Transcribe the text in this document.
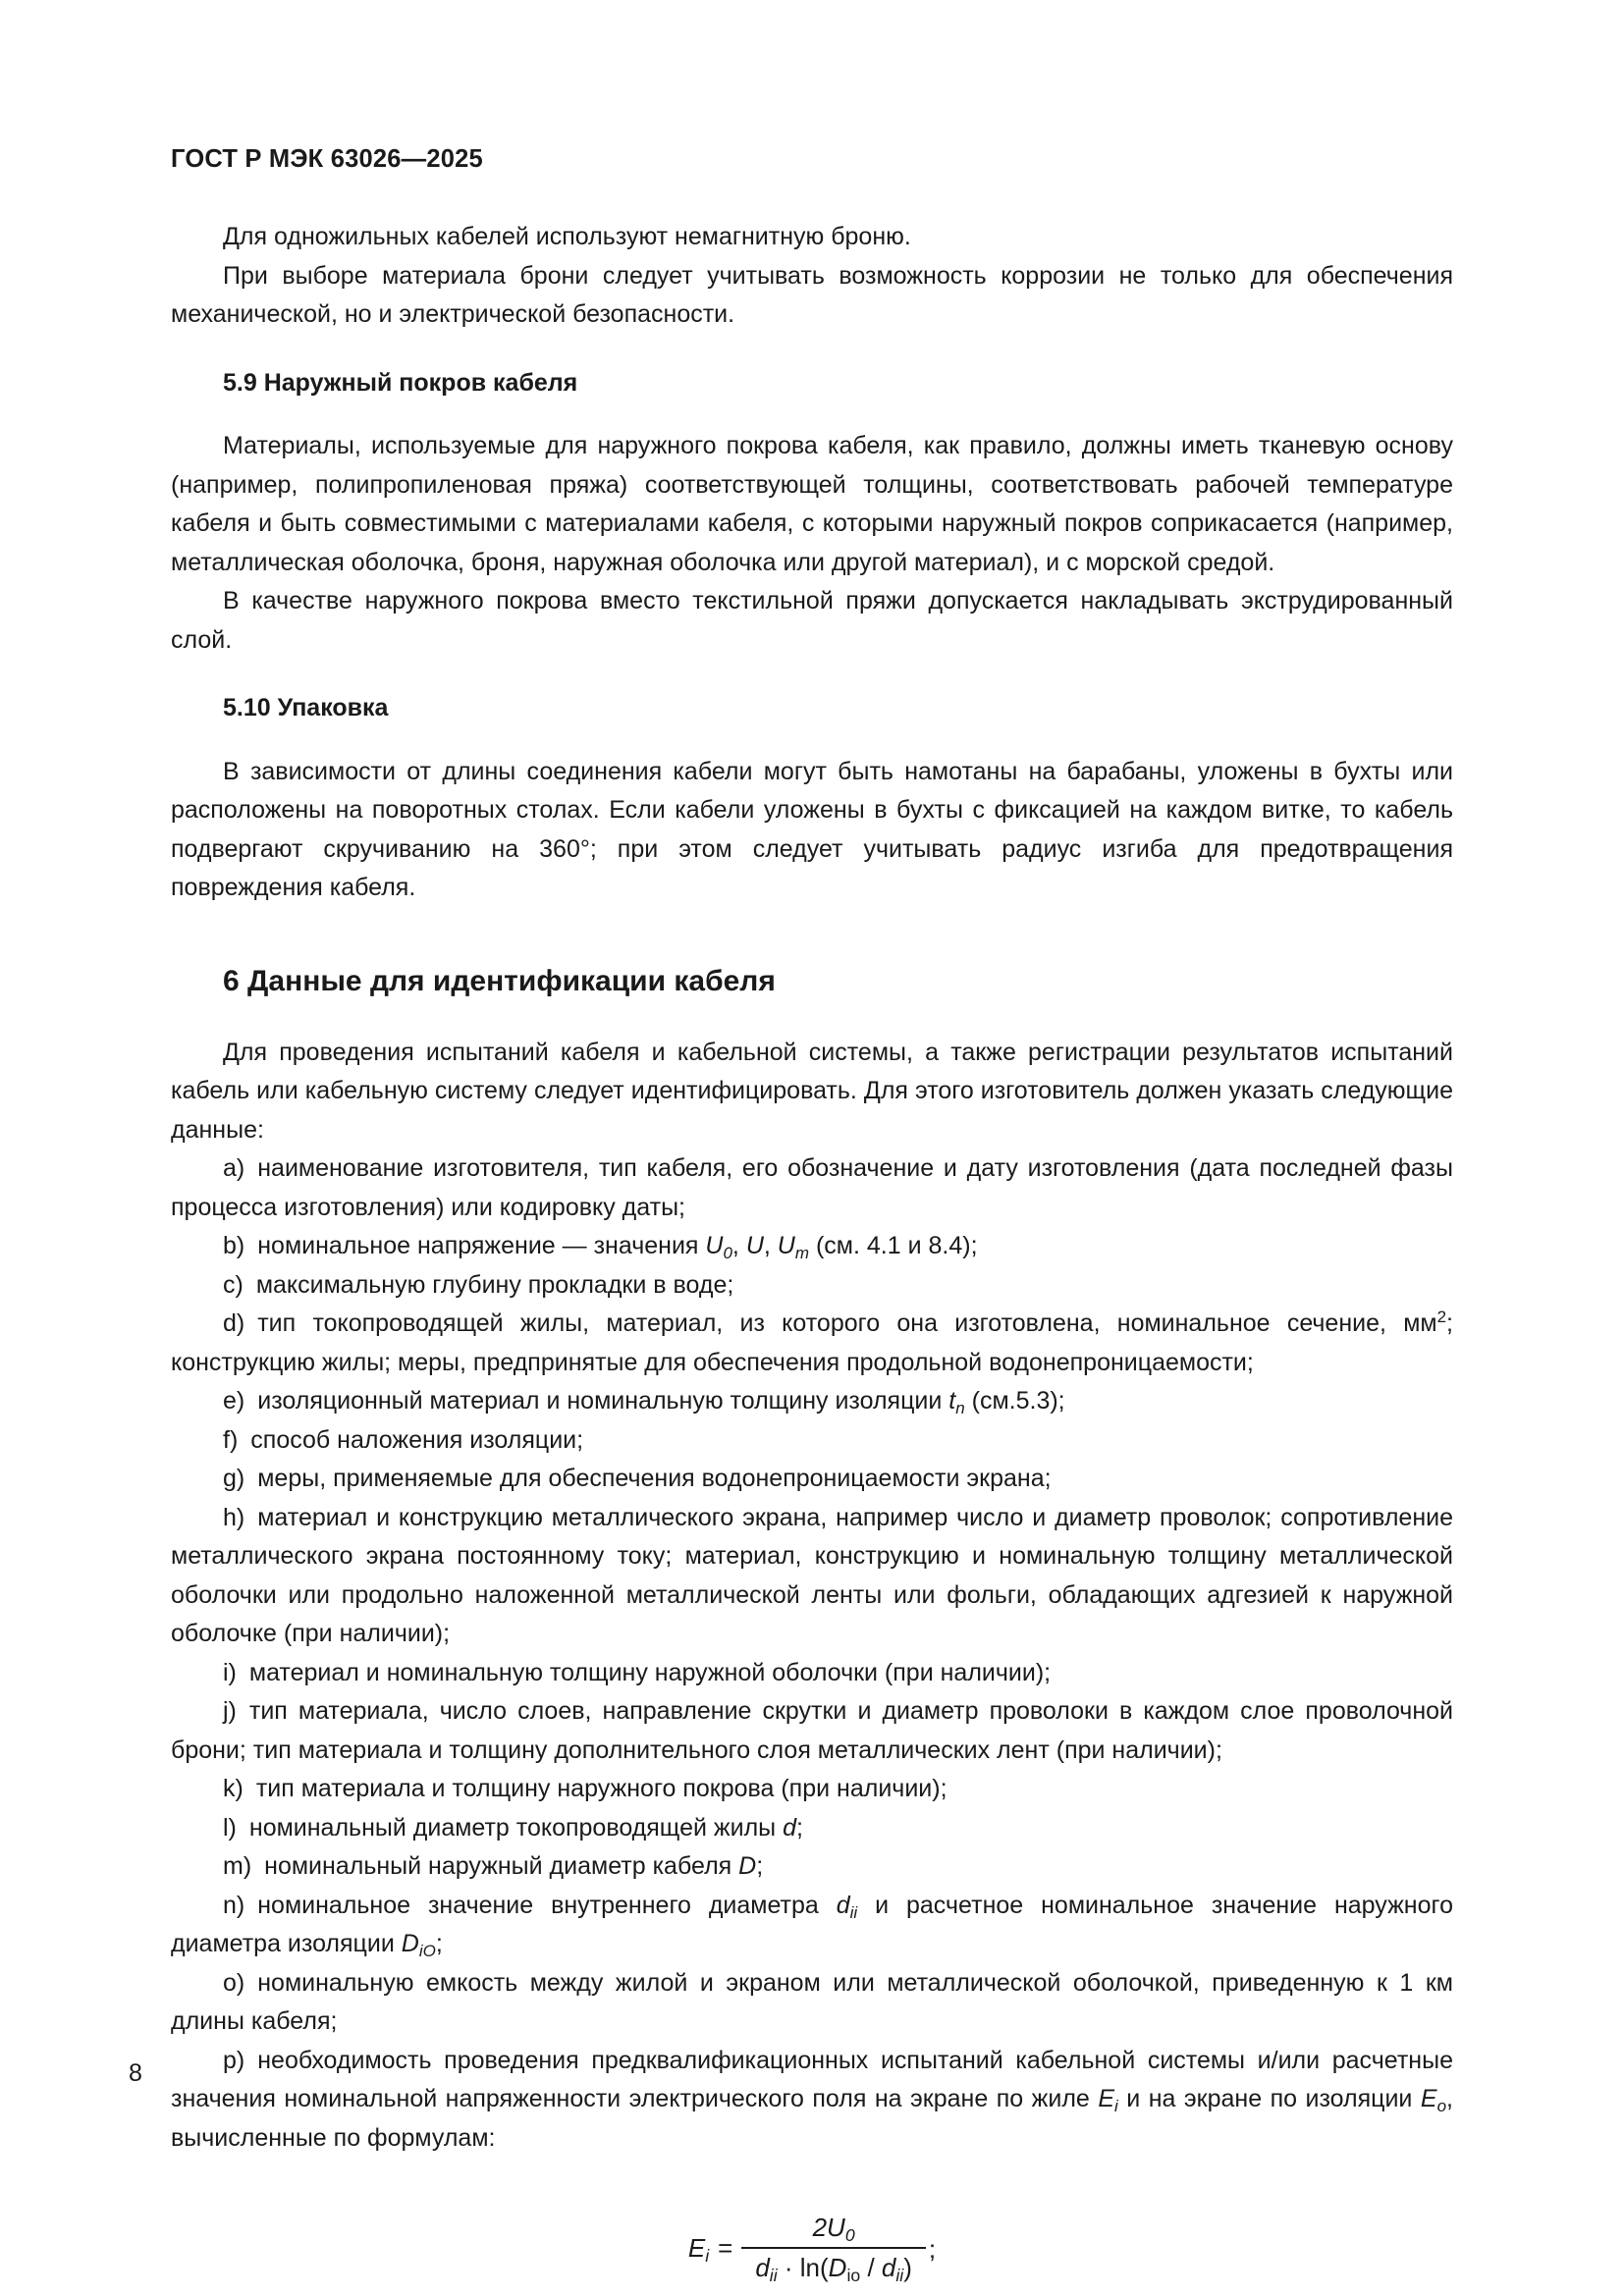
ГОСТ Р МЭК 63026—2025

Для одножильных кабелей используют немагнитную броню.

При выборе материала брони следует учитывать возможность коррозии не только для обеспечения механической, но и электрической безопасности.

5.9 Наружный покров кабеля

Материалы, используемые для наружного покрова кабеля, как правило, должны иметь тканевую основу (например, полипропиленовая пряжа) соответствующей толщины, соответствовать рабочей температуре кабеля и быть совместимыми с материалами кабеля, с которыми наружный покров соприкасается (например, металлическая оболочка, броня, наружная оболочка или другой материал), и с морской средой.

В качестве наружного покрова вместо текстильной пряжи допускается накладывать экструдированный слой.

5.10 Упаковка

В зависимости от длины соединения кабели могут быть намотаны на барабаны, уложены в бухты или расположены на поворотных столах. Если кабели уложены в бухты с фиксацией на каждом витке, то кабель подвергают скручиванию на 360°; при этом следует учитывать радиус изгиба для предотвращения повреждения кабеля.

6 Данные для идентификации кабеля

Для проведения испытаний кабеля и кабельной системы, а также регистрации результатов испытаний кабель или кабельную систему следует идентифицировать. Для этого изготовитель должен указать следующие данные:

a) наименование изготовителя, тип кабеля, его обозначение и дату изготовления (дата последней фазы процесса изготовления) или кодировку даты;

b) номинальное напряжение — значения $U_0$, U, $U_m$ (см. 4.1 и 8.4);

c) максимальную глубину прокладки в воде;

d) тип токопроводящей жилы, материал, из которого она изготовлена, номинальное сечение, $мм^2$; конструкцию жилы; меры, предпринятые для обеспечения продольной водонепроницаемости;

e) изоляционный материал и номинальную толщину изоляции $t_n$ (см.5.3);

f) способ наложения изоляции;

g) меры, применяемые для обеспечения водонепроницаемости экрана;

h) материал и конструкцию металлического экрана, например число и диаметр проволок; сопротивление металлического экрана постоянному току; материал, конструкцию и номинальную толщину металлической оболочки или продольно наложенной металлической ленты или фольги, обладающих адгезией к наружной оболочке (при наличии);

i) материал и номинальную толщину наружной оболочки (при наличии);

j) тип материала, число слоев, направление скрутки и диаметр проволоки в каждом слое проволочной брони; тип материала и толщину дополнительного слоя металлических лент (при наличии);

k) тип материала и толщину наружного покрова (при наличии);

l) номинальный диаметр токопроводящей жилы d;

m) номинальный наружный диаметр кабеля D;

n) номинальное значение внутреннего диаметра $d_{ii}$ и расчетное номинальное значение наружного диаметра изоляции $D_{iO}$;

o) номинальную емкость между жилой и экраном или металлической оболочкой, приведенную к 1 км длины кабеля;

p) необходимость проведения предквалификационных испытаний кабельной системы и/или расчетные значения номинальной напряженности электрического поля на экране по жиле $E_i$ и на экране по изоляции $E_o$, вычисленные по формулам:

$E_i = \frac{2U_0}{d_{ii} \cdot \ln(D_{io} / d_{ii})}$ ;
8
